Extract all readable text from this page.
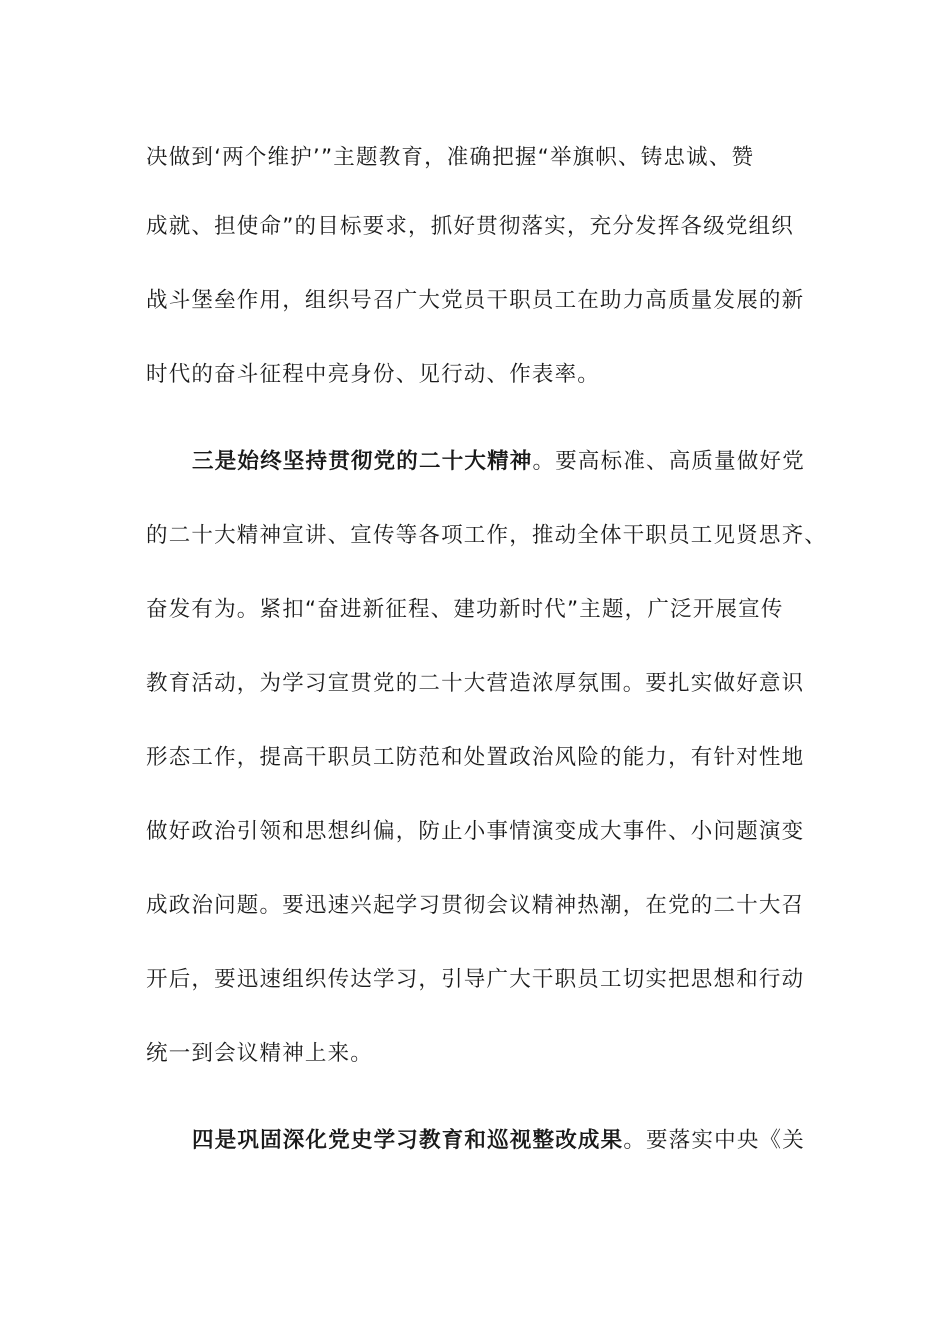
决做到‘两个维护’”主题教育，准确把握“举旗帜、铸忠诚、赞
成就、担使命”的目标要求，抓好贯彻落实，充分发挥各级党组织
战斗堡垒作用，组织号召广大党员干职员工在助力高质量发展的新
时代的奋斗征程中亮身份、见行动、作表率。
三是始终坚持贯彻党的二十大精神。要高标准、高质量做好党
的二十大精神宣讲、宣传等各项工作，推动全体干职员工见贤思齐、
奋发有为。紧扣“奋进新征程、建功新时代”主题，广泛开展宣传
教育活动，为学习宣贯党的二十大营造浓厚氛围。要扎实做好意识
形态工作，提高干职员工防范和处置政治风险的能力，有针对性地
做好政治引领和思想纠偏，防止小事情演变成大事件、小问题演变
成政治问题。要迅速兴起学习贯彻会议精神热潮，在党的二十大召
开后，要迅速组织传达学习，引导广大干职员工切实把思想和行动
统一到会议精神上来。
四是巩固深化党史学习教育和巡视整改成果。要落实中央《关
